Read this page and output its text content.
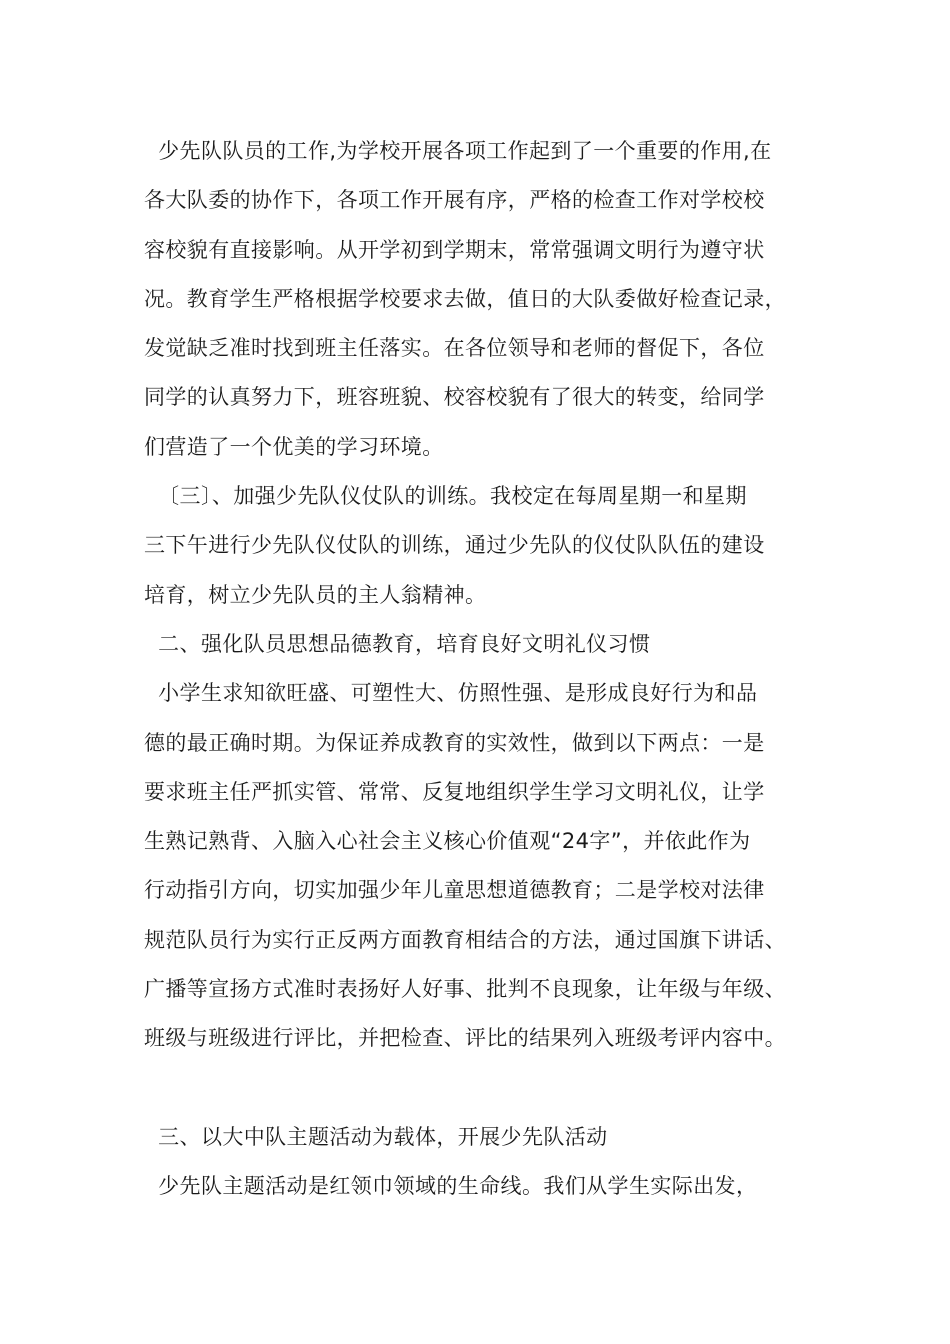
少先队队员的工作,为学校开展各项工作起到了一个重要的作用,在
各大队委的协作下，各项工作开展有序，严格的检查工作对学校校
容校貌有直接影响。从开学初到学期末，常常强调文明行为遵守状
况。教育学生严格根据学校要求去做，值日的大队委做好检查记录，
发觉缺乏准时找到班主任落实。在各位领导和老师的督促下，各位
同学的认真努力下，班容班貌、校容校貌有了很大的转变，给同学
们营造了一个优美的学习环境。
〔三〕、加强少先队仪仗队的训练。我校定在每周星期一和星期
三下午进行少先队仪仗队的训练，通过少先队的仪仗队队伍的建设
培育，树立少先队员的主人翁精神。
二、强化队员思想品德教育，培育良好文明礼仪习惯
小学生求知欲旺盛、可塑性大、仿照性强、是形成良好行为和品
德的最正确时期。为保证养成教育的实效性，做到以下两点：一是
要求班主任严抓实管、常常、反复地组织学生学习文明礼仪，让学
生熟记熟背、入脑入心社会主义核心价值观“24字”，并依此作为
行动指引方向，切实加强少年儿童思想道德教育；二是学校对法律
规范队员行为实行正反两方面教育相结合的方法，通过国旗下讲话、
广播等宣扬方式准时表扬好人好事、批判不良现象，让年级与年级、
班级与班级进行评比，并把检查、评比的结果列入班级考评内容中。
三、以大中队主题活动为载体，开展少先队活动
少先队主题活动是红领巾领域的生命线。我们从学生实际出发，
